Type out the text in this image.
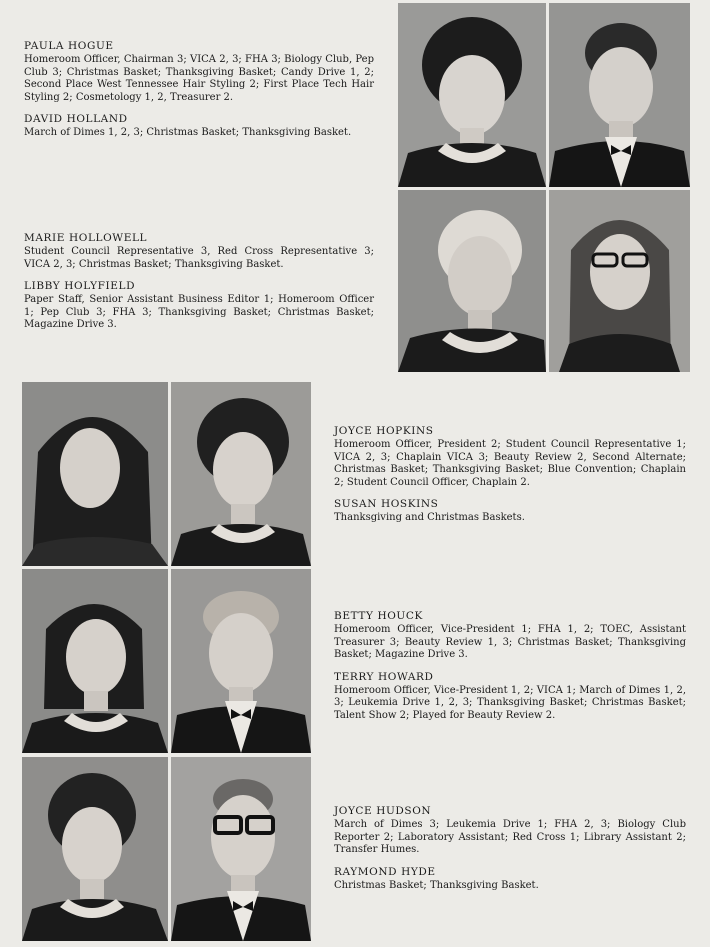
PAULA HOGUE

Homeroom Officer, Chairman 3; VICA 2, 3; FHA 3; Biology Club, Pep Club 3; Christmas Basket; Thanksgiving Basket; Candy Drive 1, 2; Second Place West Tennessee Hair Styling 2; First Place Tech Hair Styling 2; Cosmetology 1, 2, Treasurer 2.

DAVID HOLLAND

March of Dimes 1, 2, 3; Christmas Basket; Thanksgiving Basket.

MARIE HOLLOWELL

Student Council Representative 3, Red Cross Representative 3; VICA 2, 3; Christmas Basket; Thanksgiving Basket.

LIBBY HOLYFIELD

Paper Staff, Senior Assistant Business Editor 1; Homeroom Officer 1; Pep Club 3; FHA 3; Thanksgiving Basket; Christmas Basket; Magazine Drive 3.

JOYCE HOPKINS

Homeroom Officer, President 2; Student Council Representative 1; VICA 2, 3; Chaplain VICA 3; Beauty Review 2, Second Alternate; Christmas Basket; Thanksgiving Basket; Blue Convention; Chaplain 2; Student Council Officer, Chaplain 2.

SUSAN HOSKINS

Thanksgiving and Christmas Baskets.

BETTY HOUCK

Homeroom Officer, Vice-President 1; FHA 1, 2; TOEC, Assistant Treasurer 3; Beauty Review 1, 3; Christmas Basket; Thanksgiving Basket; Magazine Drive 3.

TERRY HOWARD

Homeroom Officer, Vice-President 1, 2; VICA 1; March of Dimes 1, 2, 3; Leukemia Drive 1, 2, 3; Thanksgiving Basket; Christmas Basket; Talent Show 2; Played for Beauty Review 2.

JOYCE HUDSON

March of Dimes 3; Leukemia Drive 1; FHA 2, 3; Biology Club Reporter 2; Laboratory Assistant; Red Cross 1; Library Assistant 2; Transfer Humes.

RAYMOND HYDE

Christmas Basket; Thanksgiving Basket.
